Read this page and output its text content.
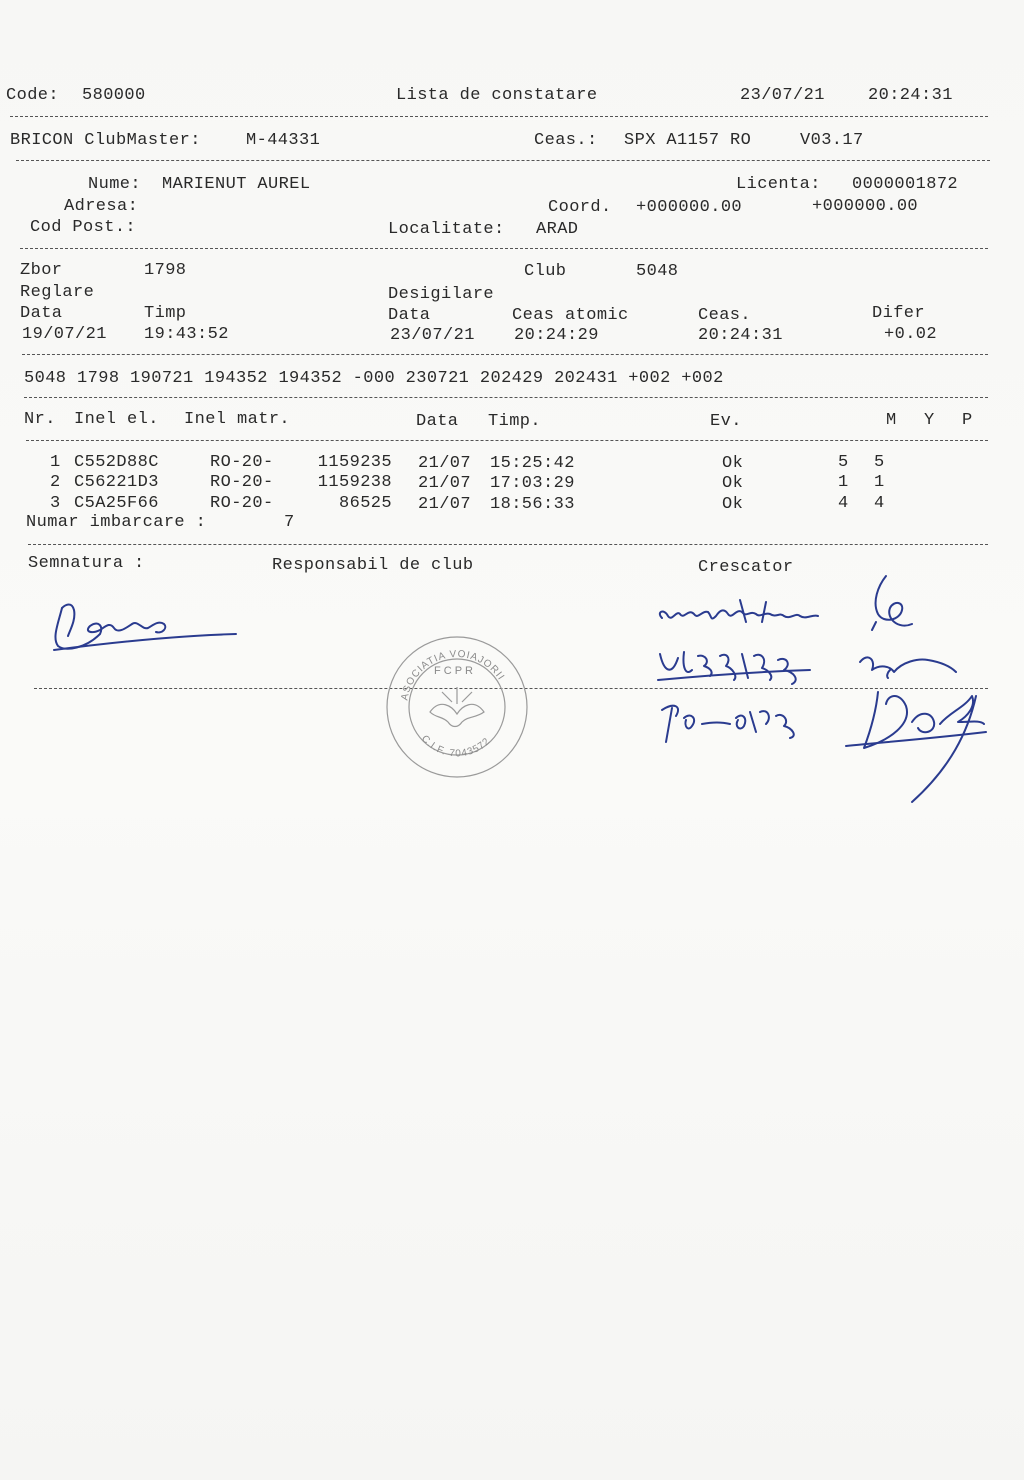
Code: 580000	Lista de constatare	23/07/21	20:24:31
BRICON ClubMaster:	M-44331	Ceas.: SPX A1157 RO	V03.17
Nume: MARIENUT AUREL	Licenta: 0000001872
Adresa:	Coord. +000000.00	+000000.00
Cod Post.:	Localitate: ARAD
Zbor	1798	Club	5048
Reglare	Desigilare
Data	Timp	Data	Ceas atomic	Ceas.	Difer
19/07/21 19:43:52	23/07/21 20:24:29	20:24:31	+0.02
5048 1798 190721 194352 194352 -000 230721 202429 202431 +002 +002
Nr. Inel el. Inel matr.	Data Timp.	Ev.	M Y P
1 C552D88C	RO-20-	1159235 21/07 15:25:42	Ok	5 5
2 C56221D3	RO-20-	1159238 21/07 17:03:29	Ok	1 1
3 C5A25F66	RO-20-	86525 21/07 18:56:33	Ok	4 4
Numar imbarcare :	7
Semnatura :	Responsabil de club	Crescator
ASOCIATIA VOIAJORII
F C P R
C.I.F. 7043572
